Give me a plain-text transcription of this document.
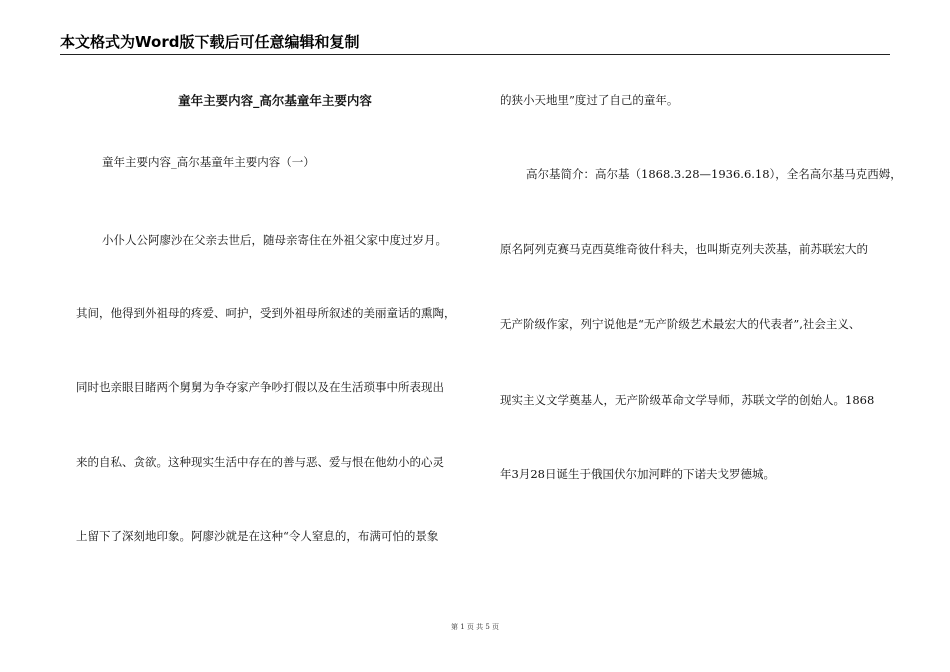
本文格式为Word版下载后可任意编辑和复制
童年主要内容_高尔基童年主要内容
童年主要内容_高尔基童年主要内容（一）
小仆人公阿廖沙在父亲去世后，随母亲寄住在外祖父家中度过岁月。
其间，他得到外祖母的疼爱、呵护，受到外祖母所叙述的美丽童话的熏陶，
同时也亲眼目睹两个舅舅为争夺家产争吵打假以及在生活琐事中所表现出
来的自私、贪欲。这种现实生活中存在的善与恶、爱与恨在他幼小的心灵
上留下了深刻地印象。阿廖沙就是在这种“令人窒息的，布满可怕的景象
的狭小天地里”度过了自己的童年。
高尔基简介：高尔基（1868.3.28—1936.6.18），全名高尔基马克西姆，
原名阿列克赛马克西莫维奇彼什科夫，也叫斯克列夫茨基，前苏联宏大的
无产阶级作家，列宁说他是“无产阶级艺术最宏大的代表者”,社会主义、
现实主义文学奠基人，无产阶级革命文学导师，苏联文学的创始人。1868
年3月28日诞生于俄国伏尔加河畔的下诺夫戈罗德城。
第 1 页 共 5 页
